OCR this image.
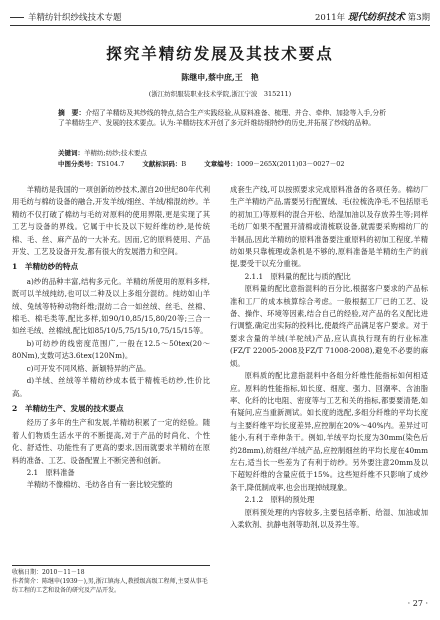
羊精纺针织纱线技术专题	2011年 现代纺织技术 第3期
探究羊精纺发展及其技术要点
陈继申,蔡中庶,王　艳
(浙江纺织服装职业技术学院,浙江宁波　315211)
摘　要：介绍了羊精纺及其纱线的特点,结合生产实践经验,从原料准备、梳理、并合、牵伸、加捻等入手,分析了羊精纺生产、发展的技术要点。认为:羊精纺技术开创了多元纤维纺细特纱的历史,并拓展了纱线的品种。
关键词：羊精纺;纺纱;技术要点
中图分类号：TS104.7	文献标识码：B	文章编号：1009－265X(2011)03－0027－02

羊精纺是我国的一项创新纺纱技术,源自20世纪80年代利用毛纺与棉纺设备的融合,开发羊绒/细丝、羊绒/棉混纺纱。羊精纺不仅打破了棉纺与毛纺对原料的使用界限,更是实现了其工艺与设备的界线。它属于中长及以下短纤维纺纱,是传统棉、毛、丝、麻产品的一大补充。因而,它的原料使用、产品开发、工艺及设备开发,都有很大的发展潜力和空间。

1　羊精纺纱的特点

a)纱的品种丰富,结构多元化。羊精纺所使用的原料多样,既可以羊绒纯纺,也可以二种及以上多组分混纺。纯纺如山羊绒、兔绒等特种动物纤维;混纺二合一如丝绒、丝毛、丝棉、棉毛、棉毛类等,配比多样,如90/10,85/15,80/20等;三合一如丝毛绒、丝棉绒,配比如85/10/5,75/15/10,75/15/15等。

b)可纺纱的线密度范围广,一般在12.5～50tex(20～80Nm),支数可达3.6tex(120Nm)。

c)可开发不同风格、新颖特异的产品。

d)羊绒、丝绒等羊精纺纱成本低于精梳毛纺纱,性价比高。

2　羊精纺生产、发展的技术要点

经历了多年的生产和发展,羊精纺积累了一定的经验。随着人们物质生活水平的不断提高,对于产品的时尚化、个性化、舒适性、功能性有了更高的要求,因而就要求羊精纺在原料的准备、工艺、设备配置上不断完善和创新。

2.1　原料准备

羊精纺不像棉纺、毛纺各自有一套比较完整的

成套生产线,可以按照要求完成原料准备的各项任务。棉纺厂生产羊精纺产品,需要另行配置绒、毛(拉梳洗净毛,不包括原毛的初加工)等原料的混合开松、给湿加油以及存放养生等;同样毛纺厂如果不配置开清棉或清梳联设备,就需要采购棉纺厂的半制品,因此羊精纺的原料准备要注重原料的初加工程度,羊精纺如果只靠梳理或条机是不够的,原料准备是羊精纺生产的前提,要受干以充分重视。

2.1.1　原料量的配比与质的配比

原料量的配比意指混料的百分比,根据客户要求的产品标准和工厂的成本核算综合考虑。一般根据工厂已的工艺、设备、操作、环境等因素,结合自己的经验,对产品的名义配比进行调整,确定出实际的投料比,使最终产品满足客户要求。对于要求含量的羊绒(羊驼绒)产品,应认真执行现有的行业标准(FZ/T 22005-2008及FZ/T 71008-2008),避免不必要的麻烦。

原料质的配比意指混料中各组分纤维性能指标如何相适应。原料的性能指标,如长度、细度、强力、回潮率、含油脂率、化纤的比电阻、密度等与工艺和关的指标,都要要清楚,如有疑问,应当重新测试。如长度的选配,多组分纤维的平均长度与主要纤维平均长度差异,应控制在20%～40%内。差异过可能小,有利于牵伸条干。例如,羊绒平均长度为30mm(染色后约28mm),纺细丝/羊绒产品,应控制细丝的平均长度在40mm左右,适当长一些差为了有利于纺纱。另外要注意20mm及以下超短纤维的含量应低于15%。这些短纤维不只影响了成纱条干,降低制成率,也会出现掉绒现象。

2.1.2　原料的预处理

原料预处理的内容较多,主要包括牵断、给湿、加油或加入柔软剂、抗静电剂等助剂,以及养生等。

收稿日期：2010－11－18
作者简介：陈继申(1939－),男,浙江镇海人,教授级高级工程师,主要从事毛纺工程的工艺和设备的研究及产品开发。
· 27 ·
